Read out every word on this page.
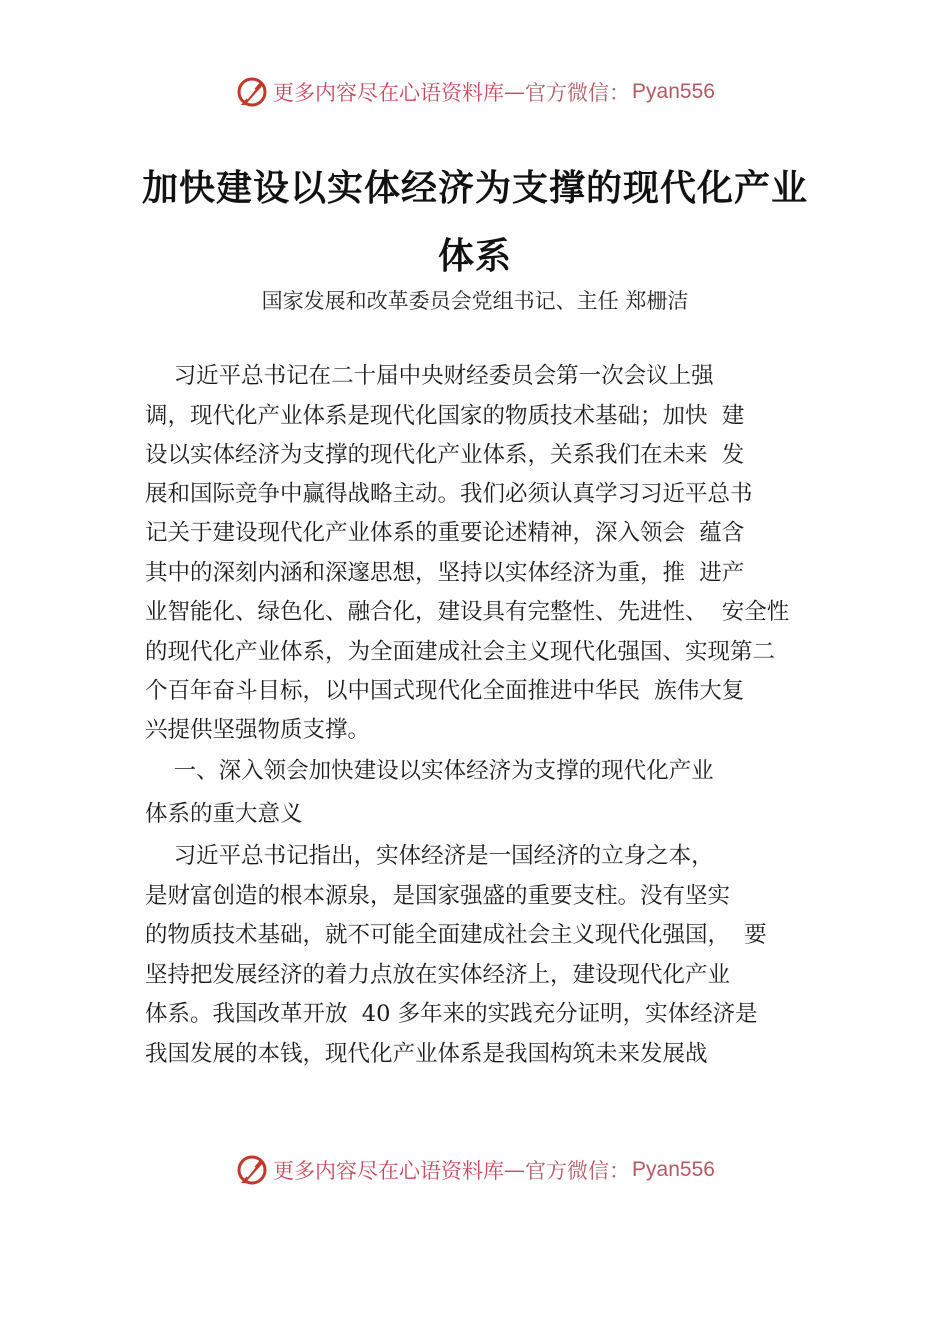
更多内容尽在心语资料库 — 官方微信： Pyan556
加快建设以实体经济为支撑的现代化产业
体系
国家发展和改革委员会党组书记、主任 郑栅洁
习近平总书记在二十届中央财经委员会第一次会议上强
调，现代化产业体系是现代化国家的物质技术基础；加快  建
设以实体经济为支撑的现代化产业体系，关系我们在未来  发
展和国际竞争中赢得战略主动。我们必须认真学习习近平总书
记关于建设现代化产业体系的重要论述精神，深入领会  蕴含
其中的深刻内涵和深邃思想，坚持以实体经济为重，推  进产
业智能化、绿色化、融合化，建设具有完整性、先进性、  安全性
的现代化产业体系，为全面建成社会主义现代化强国、实现第二
个百年奋斗目标，以中国式现代化全面推进中华民  族伟大复
兴提供坚强物质支撑。
一、深入领会加快建设以实体经济为支撑的现代化产业
体系的重大意义
习近平总书记指出，实体经济是一国经济的立身之本，
是财富创造的根本源泉，是国家强盛的重要支柱。没有坚实
的物质技术基础，就不可能全面建成社会主义现代化强国，  要
坚持把发展经济的着力点放在实体经济上，建设现代化产业
体系。我国改革开放  40 多年来的实践充分证明，实体经济是
我国发展的本钱，现代化产业体系是我国构筑未来发展战
更多内容尽在心语资料库 — 官方微信： Pyan556
